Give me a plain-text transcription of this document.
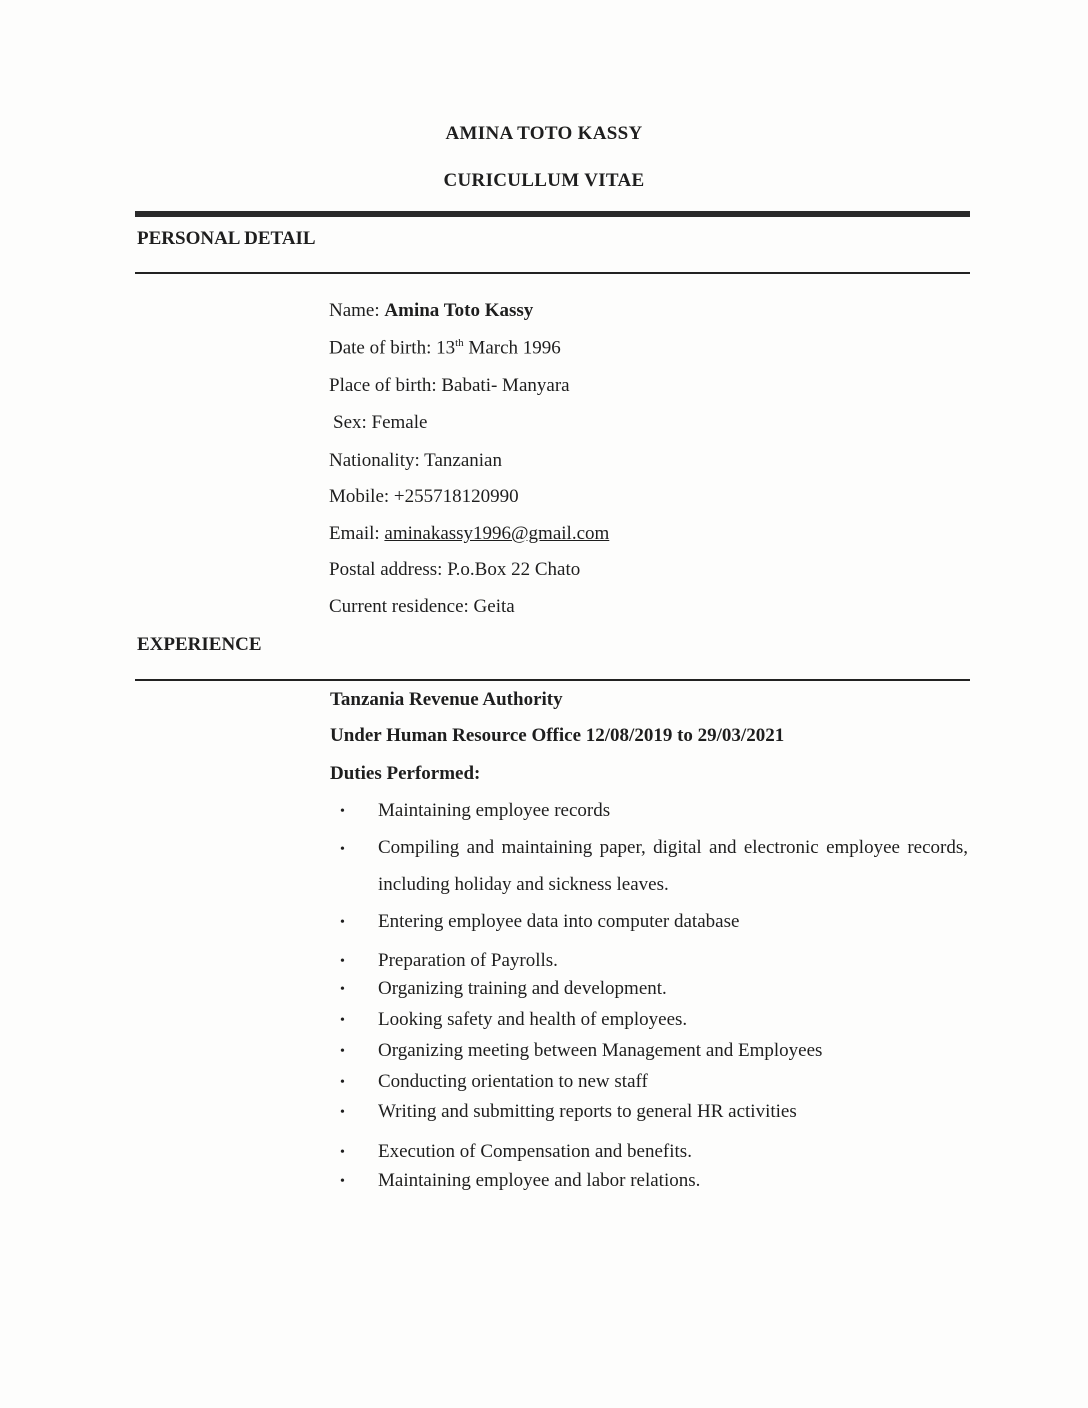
AMINA TOTO KASSY
CURICULLUM VITAE
PERSONAL DETAIL
Name: Amina Toto Kassy
Date of birth: 13th March 1996
Place of birth: Babati- Manyara
Sex: Female
Nationality: Tanzanian
Mobile: +255718120990
Email: aminakassy1996@gmail.com
Postal address: P.o.Box 22 Chato
Current residence: Geita
EXPERIENCE
Tanzania Revenue Authority
Under Human Resource Office 12/08/2019 to 29/03/2021
Duties Performed:
•	Maintaining employee records
•	Compiling and maintaining paper, digital and electronic employee records, including holiday and sickness leaves.
•	Entering employee data into computer database
•	Preparation of Payrolls.
•	Organizing training and development.
•	Looking safety and health of employees.
•	Organizing meeting between Management and Employees
•	Conducting orientation to new staff
•	Writing and submitting reports to general HR activities
•	Execution of Compensation and benefits.
•	Maintaining employee and labor relations.
